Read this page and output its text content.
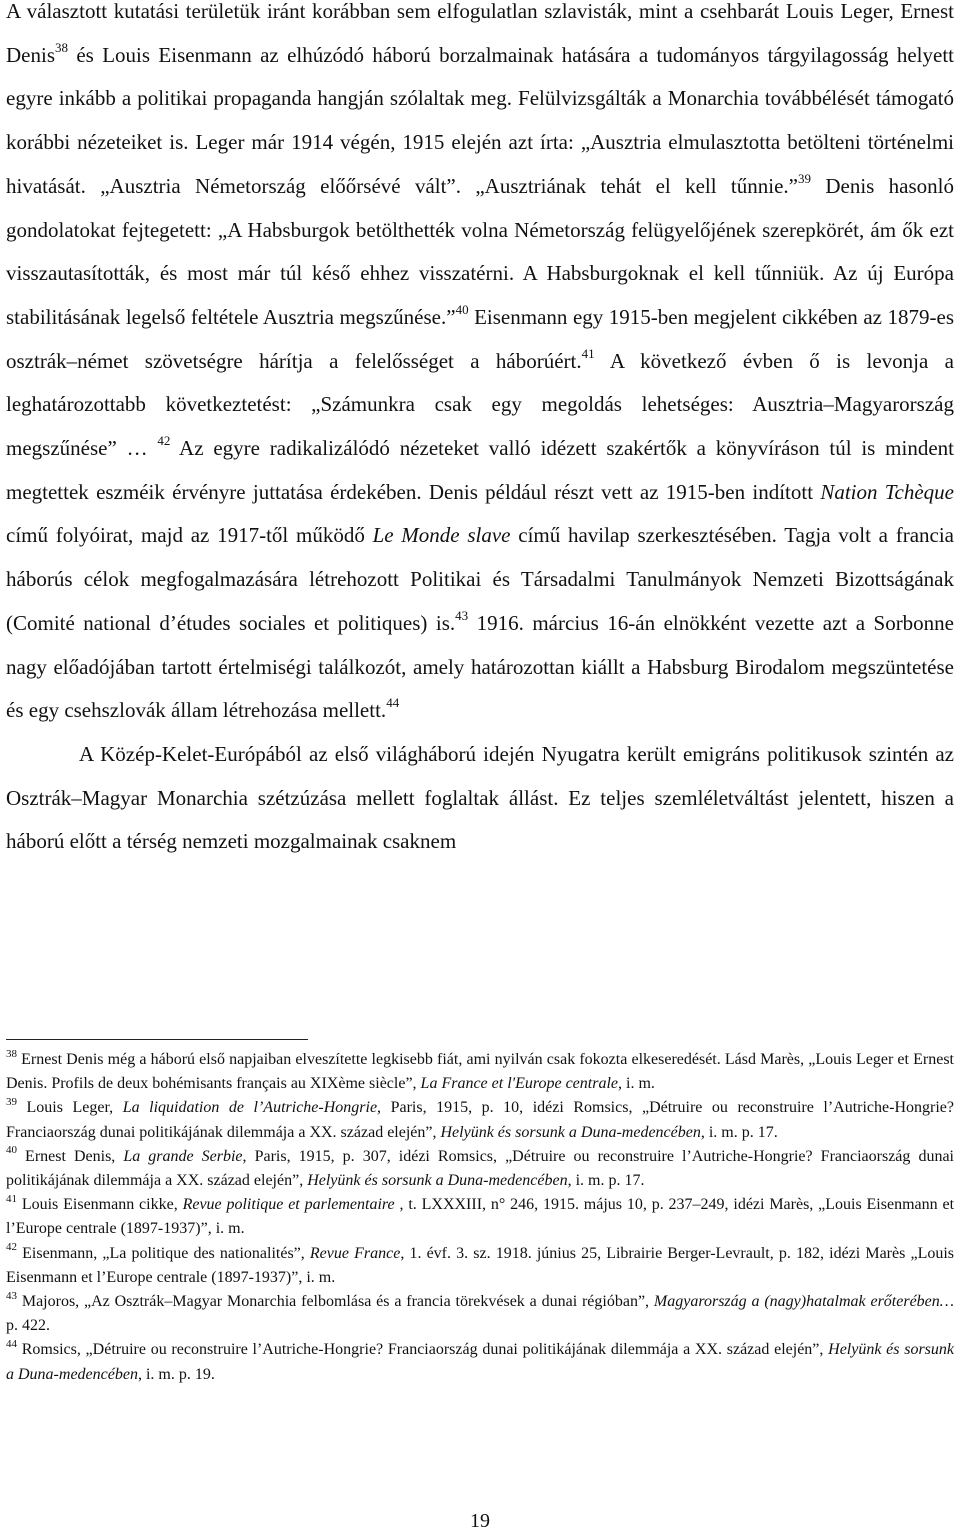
A választott kutatási területük iránt korábban sem elfogulatlan szlavisták, mint a csehbarát Louis Leger, Ernest Denis$^{38}$ és Louis Eisenmann az elhúzódó háború borzalmainak hatására a tudományos tárgyilagosság helyett egyre inkább a politikai propaganda hangján szólaltak meg. Felülvizsgálták a Monarchia továbbélését támogató korábbi nézeteiket is. Leger már 1914 végén, 1915 elején azt írta: „Ausztria elmulasztotta betölteni történelmi hivatását. „Ausztria Németország előőrsévé vált”. „Ausztriának tehát el kell tűnnie.”$^{39}$ Denis hasonló gondolatokat fejtegetett: „A Habsburgok betölthették volna Németország felügyelőjének szerepkörét, ám ők ezt visszautasították, és most már túl késő ehhez visszatérni. A Habsburgoknak el kell tűnniük. Az új Európa stabilitásának legelső feltétele Ausztria megszűnése.”$^{40}$ Eisenmann egy 1915-ben megjelent cikkében az 1879-es osztrák–német szövetségre hárítja a felelősséget a háborúért.$^{41}$ A következő évben ő is levonja a leghatározottabb következtetést: „Számunkra csak egy megoldás lehetséges: Ausztria–Magyarország megszűnése” … $^{42}$ Az egyre radikalizálódó nézeteket valló idézett szakértők a könyvíráson túl is mindent megtettek eszméik érvényre juttatása érdekében. Denis például részt vett az 1915-ben indított Nation Tchèque című folyóirat, majd az 1917-től működő Le Monde slave című havilap szerkesztésében. Tagja volt a francia háborús célok megfogalmazására létrehozott Politikai és Társadalmi Tanulmányok Nemzeti Bizottságának (Comité national d’études sociales et politiques) is.$^{43}$ 1916. március 16-án elnökként vezette azt a Sorbonne nagy előadójában tartott értelmiségi találkozót, amely határozottan kiállt a Habsburg Birodalom megszüntetése és egy csehszlovák állam létrehozása mellett.$^{44}$

A Közép-Kelet-Európából az első világháború idején Nyugatra került emigráns politikusok szintén az Osztrák–Magyar Monarchia szétzúzása mellett foglaltak állást. Ez teljes szemléletváltást jelentett, hiszen a háború előtt a térség nemzeti mozgalmainak csaknem

$^{38}$ Ernest Denis még a háború első napjaiban elveszítette legkisebb fiát, ami nyilván csak fokozta elkeseredését. Lásd Marès, „Louis Leger et Ernest Denis. Profils de deux bohémisants français au XIXème siècle”, La France et l'Europe centrale, i. m.

$^{39}$ Louis Leger, La liquidation de l’Autriche-Hongrie, Paris, 1915, p. 10, idézi Romsics, „Détruire ou reconstruire l’Autriche-Hongrie? Franciaország dunai politikájának dilemmája a XX. század elején”, Helyünk és sorsunk a Duna-medencében, i. m. p. 17.

$^{40}$ Ernest Denis, La grande Serbie, Paris, 1915, p. 307, idézi Romsics, „Détruire ou reconstruire l’Autriche-Hongrie? Franciaország dunai politikájának dilemmája a XX. század elején”, Helyünk és sorsunk a Duna-medencében, i. m. p. 17.

$^{41}$ Louis Eisenmann cikke, Revue politique et parlementaire , t. LXXXIII, n° 246, 1915. május 10, p. 237–249, idézi Marès, „Louis Eisenmann et l’Europe centrale (1897-1937)”, i. m.

$^{42}$ Eisenmann, „La politique des nationalités”, Revue France, 1. évf. 3. sz. 1918. június 25, Librairie Berger-Levrault, p. 182, idézi Marès „Louis Eisenmann et l’Europe centrale (1897-1937)”, i. m.

$^{43}$ Majoros, „Az Osztrák–Magyar Monarchia felbomlása és a francia törekvések a dunai régióban”, Magyarország a (nagy)hatalmak erőterében… p. 422.

$^{44}$ Romsics, „Détruire ou reconstruire l’Autriche-Hongrie? Franciaország dunai politikájának dilemmája a XX. század elején”, Helyünk és sorsunk a Duna-medencében, i. m. p. 19.

19
